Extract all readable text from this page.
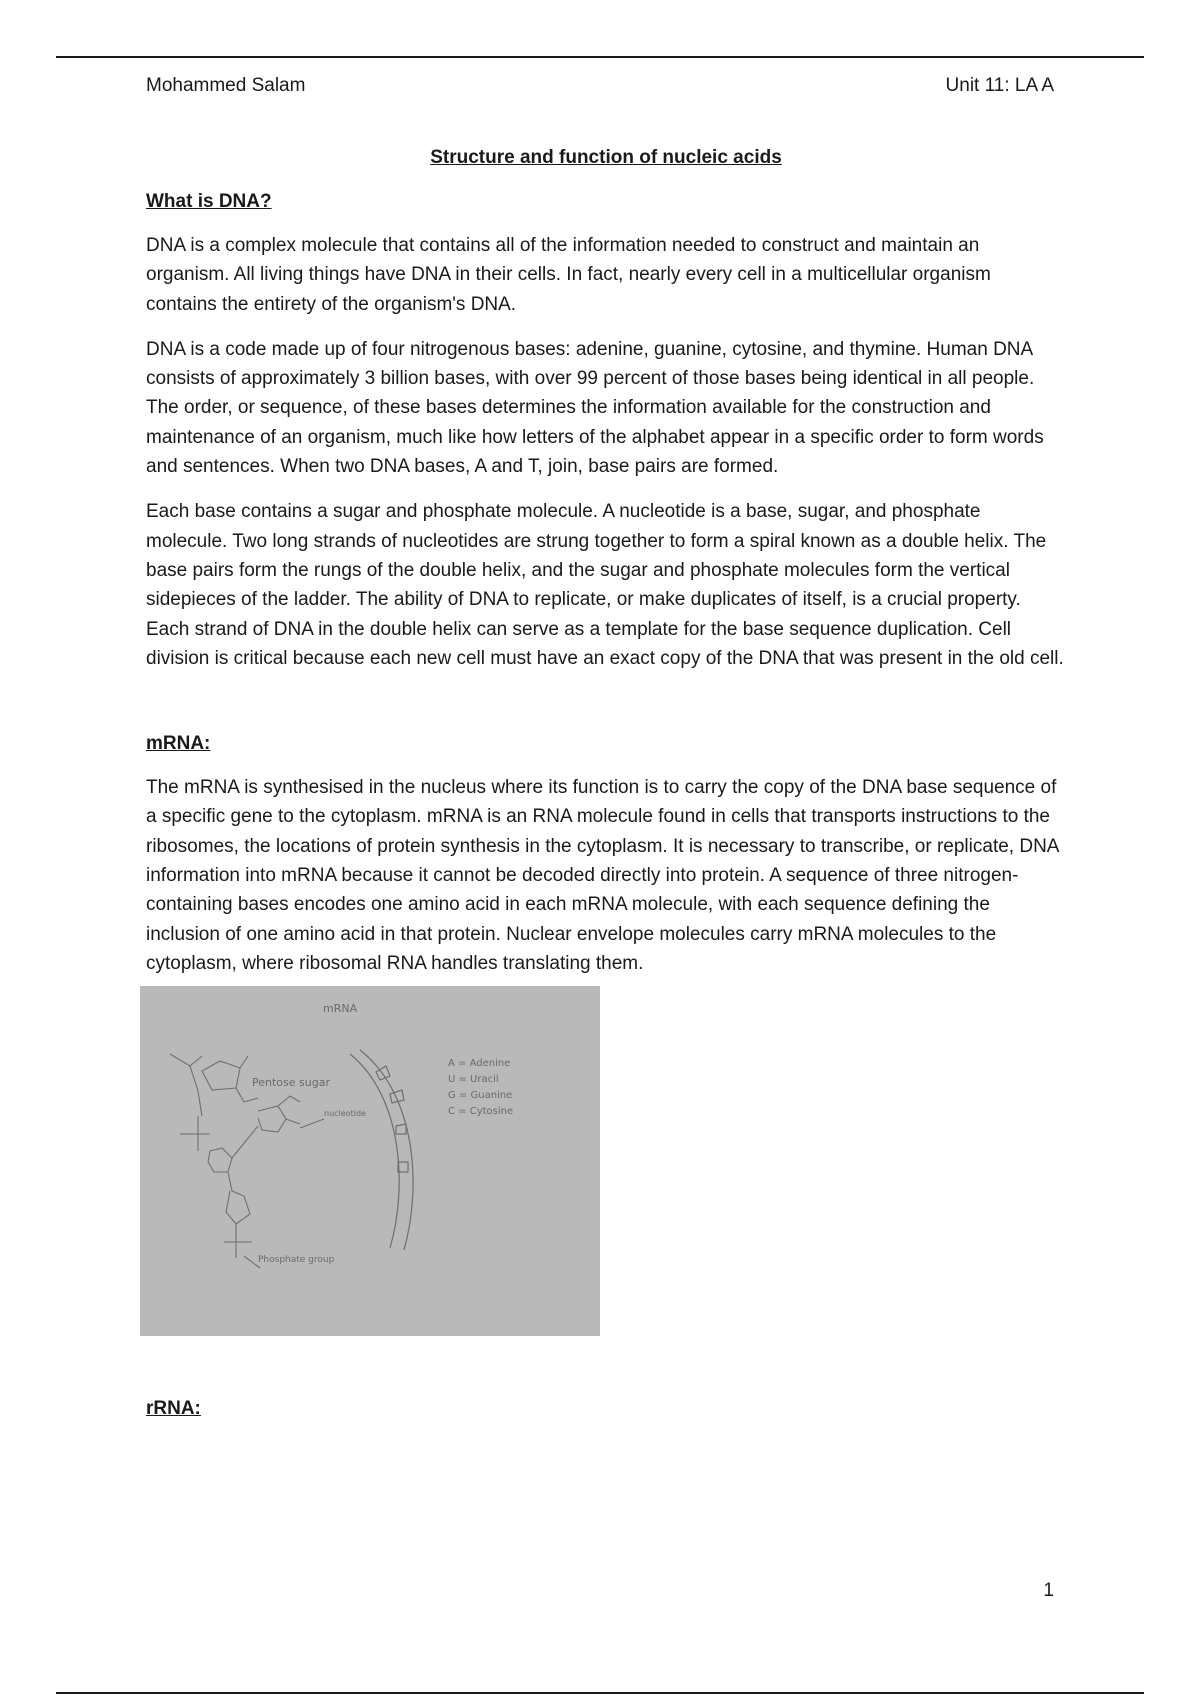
Mohammed Salam	Unit 11: LA A
Structure and function of nucleic acids
What is DNA?

DNA is a complex molecule that contains all of the information needed to construct and maintain an organism. All living things have DNA in their cells. In fact, nearly every cell in a multicellular organism contains the entirety of the organism's DNA.

DNA is a code made up of four nitrogenous bases: adenine, guanine, cytosine, and thymine. Human DNA consists of approximately 3 billion bases, with over 99 percent of those bases being identical in all people. The order, or sequence, of these bases determines the information available for the construction and maintenance of an organism, much like how letters of the alphabet appear in a specific order to form words and sentences. When two DNA bases, A and T, join, base pairs are formed.

Each base contains a sugar and phosphate molecule. A nucleotide is a base, sugar, and phosphate molecule. Two long strands of nucleotides are strung together to form a spiral known as a double helix. The base pairs form the rungs of the double helix, and the sugar and phosphate molecules form the vertical sidepieces of the ladder. The ability of DNA to replicate, or make duplicates of itself, is a crucial property. Each strand of DNA in the double helix can serve as a template for the base sequence duplication. Cell division is critical because each new cell must have an exact copy of the DNA that was present in the old cell.

mRNA:

The mRNA is synthesised in the nucleus where its function is to carry the copy of the DNA base sequence of a specific gene to the cytoplasm. mRNA is an RNA molecule found in cells that transports instructions to the ribosomes, the locations of protein synthesis in the cytoplasm. It is necessary to transcribe, or replicate, DNA information into mRNA because it cannot be decoded directly into protein. A sequence of three nitrogen-containing bases encodes one amino acid in each mRNA molecule, with each sequence defining the inclusion of one amino acid in that protein. Nuclear envelope molecules carry mRNA molecules to the cytoplasm, where ribosomal RNA handles translating them.

mRNA
Pentose sugar
nucleotide
Phosphate group
A = Adenine
U = Uracil
G = Guanine
C = Cytosine
rRNA:
1
